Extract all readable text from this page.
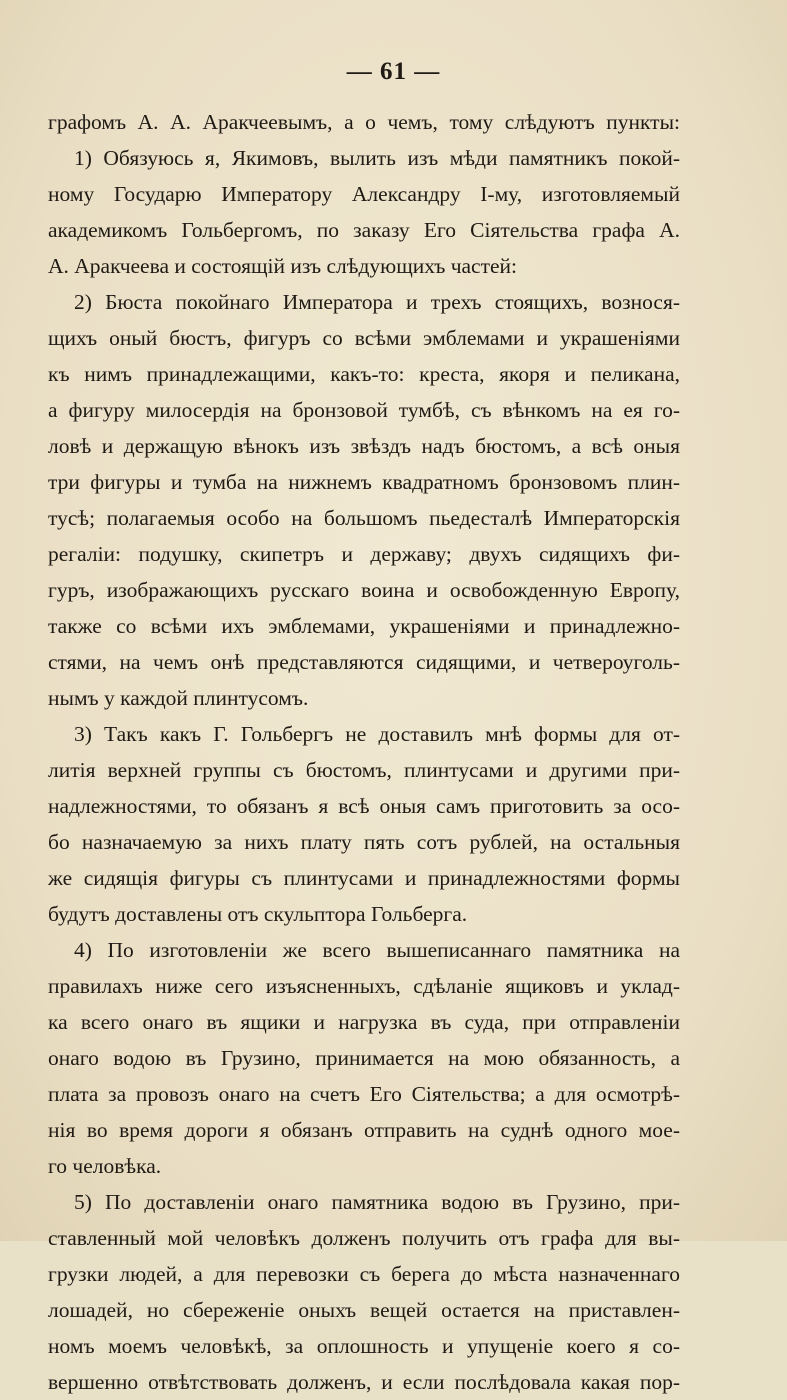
— 61 —
графомъ А. А. Аракчеевымъ, а о чемъ, тому слѣдуютъ пункты:
1) Обязуюсь я, Якимовъ, вылить изъ мѣди памятникъ покой-
ному Государю Императору Александру I-му, изготовляемый
академикомъ Гольбергомъ, по заказу Его Сіятельства графа А.
А. Аракчеева и состоящій изъ слѣдующихъ частей:
2) Бюста покойнаго Императора и трехъ стоящихъ, вознося-
щихъ оный бюстъ, фигуръ со всѣми эмблемами и украшеніями
къ нимъ принадлежащими, какъ-то: креста, якоря и пеликана,
а фигуру милосердія на бронзовой тумбѣ, съ вѣнкомъ на ея го-
ловѣ и держащую вѣнокъ изъ звѣздъ надъ бюстомъ, а всѣ оныя
три фигуры и тумба на нижнемъ квадратномъ бронзовомъ плин-
тусѣ; полагаемыя особо на большомъ пьедесталѣ Императорскія
регаліи: подушку, скипетръ и державу; двухъ сидящихъ фи-
гуръ, изображающихъ русскаго воина и освобожденную Европу,
также со всѣми ихъ эмблемами, украшеніями и принадлежно-
стями, на чемъ онѣ представляются сидящими, и четвероуголь-
нымъ у каждой плинтусомъ.
3) Такъ какъ Г. Гольбергъ не доставилъ мнѣ формы для от-
литія верхней группы съ бюстомъ, плинтусами и другими при-
надлежностями, то обязанъ я всѣ оныя самъ приготовить за осо-
бо назначаемую за нихъ плату пять сотъ рублей, на остальныя
же сидящія фигуры съ плинтусами и принадлежностями формы
будутъ доставлены отъ скульптора Гольберга.
4) По изготовленіи же всего вышеписаннаго памятника на
правилахъ ниже сего изъясненныхъ, сдѣланіе ящиковъ и уклад-
ка всего онаго въ ящики и нагрузка въ суда, при отправленіи
онаго водою въ Грузино, принимается на мою обязанность, а
плата за провозъ онаго на счетъ Его Сіятельства; а для осмотрѣ-
нія во время дороги я обязанъ отправить на суднѣ одного мое-
го человѣка.
5) По доставленіи онаго памятника водою въ Грузино, при-
ставленный мой человѣкъ долженъ получить отъ графа для вы-
грузки людей, а для перевозки съ берега до мѣста назначеннаго
лошадей, но сбереженіе оныхъ вещей остается на приставлен-
номъ моемъ человѣкѣ, за оплошность и упущеніе коего я со-
вершенно отвѣтствовать долженъ, и если послѣдовала какая пор-
